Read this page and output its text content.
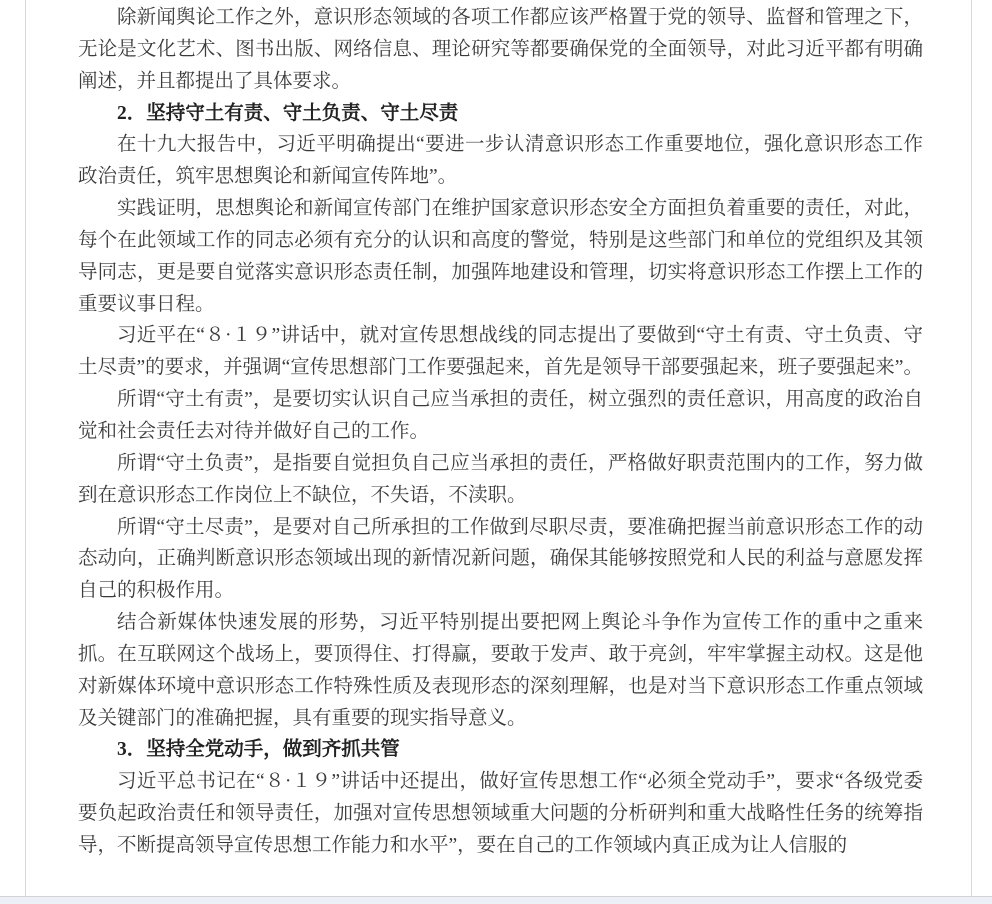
除新闻舆论工作之外，意识形态领域的各项工作都应该严格置于党的领导、监督和管理之下，无论是文化艺术、图书出版、网络信息、理论研究等都要确保党的全面领导，对此习近平都有明确阐述，并且都提出了具体要求。

2．坚持守土有责、守土负责、守土尽责

在十九大报告中，习近平明确提出“要进一步认清意识形态工作重要地位，强化意识形态工作政治责任，筑牢思想舆论和新闻宣传阵地”。

实践证明，思想舆论和新闻宣传部门在维护国家意识形态安全方面担负着重要的责任，对此，每个在此领域工作的同志必须有充分的认识和高度的警觉，特别是这些部门和单位的党组织及其领导同志，更是要自觉落实意识形态责任制，加强阵地建设和管理，切实将意识形态工作摆上工作的重要议事日程。

习近平在“８·１９”讲话中，就对宣传思想战线的同志提出了要做到“守土有责、守土负责、守土尽责”的要求，并强调“宣传思想部门工作要强起来，首先是领导干部要强起来，班子要强起来”。

所谓“守土有责”，是要切实认识自己应当承担的责任，树立强烈的责任意识，用高度的政治自觉和社会责任去对待并做好自己的工作。

所谓“守土负责”，是指要自觉担负自己应当承担的责任，严格做好职责范围内的工作，努力做到在意识形态工作岗位上不缺位，不失语，不渎职。

所谓“守土尽责”，是要对自己所承担的工作做到尽职尽责，要准确把握当前意识形态工作的动态动向，正确判断意识形态领域出现的新情况新问题，确保其能够按照党和人民的利益与意愿发挥自己的积极作用。

结合新媒体快速发展的形势，习近平特别提出要把网上舆论斗争作为宣传工作的重中之重来抓。在互联网这个战场上，要顶得住、打得赢，要敢于发声、敢于亮剑，牢牢掌握主动权。这是他对新媒体环境中意识形态工作特殊性质及表现形态的深刻理解，也是对当下意识形态工作重点领域及关键部门的准确把握，具有重要的现实指导意义。

3．坚持全党动手，做到齐抓共管

习近平总书记在“８·１９”讲话中还提出，做好宣传思想工作“必须全党动手”，要求“各级党委要负起政治责任和领导责任，加强对宣传思想领域重大问题的分析研判和重大战略性任务的统筹指导，不断提高领导宣传思想工作能力和水平”，要在自己的工作领域内真正成为让人信服的
